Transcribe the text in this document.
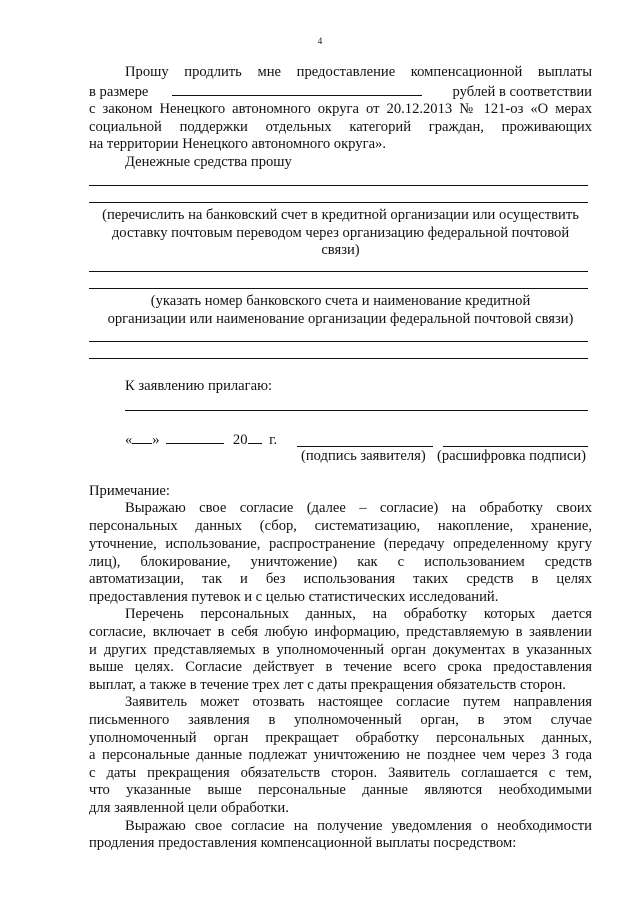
4
Прошу продлить мне предоставление компенсационной выплаты
в размере	рублей в соответствии
с законом Ненецкого автономного округа от 20.12.2013 № 121-оз «О мерах
социальной поддержки отдельных категорий граждан, проживающих
на территории Ненецкого автономного округа».
Денежные средства прошу
(перечислить на банковский счет в кредитной организации или осуществить
доставку почтовым переводом через организацию федеральной почтовой
связи)
(указать номер банковского счета и наименование кредитной
организации или наименование организации федеральной почтовой связи)
К заявлению прилагаю:
« »	20 г.
(подпись заявителя) (расшифровка подписи)
Примечание:
Выражаю свое согласие (далее – согласие) на обработку своих
персональных данных (сбор, систематизацию, накопление, хранение,
уточнение, использование, распространение (передачу определенному кругу
лиц), блокирование, уничтожение) как с использованием средств
автоматизации, так и без использования таких средств в целях
предоставления путевок и с целью статистических исследований.
Перечень персональных данных, на обработку которых дается
согласие, включает в себя любую информацию, представляемую в заявлении
и других представляемых в уполномоченный орган документах в указанных
выше целях. Согласие действует в течение всего срока предоставления
выплат, а также в течение трех лет с даты прекращения обязательств сторон.
Заявитель может отозвать настоящее согласие путем направления
письменного заявления в уполномоченный орган, в этом случае
уполномоченный орган прекращает обработку персональных данных,
а персональные данные подлежат уничтожению не позднее чем через 3 года
с даты прекращения обязательств сторон. Заявитель соглашается с тем,
что указанные выше персональные данные являются необходимыми
для заявленной цели обработки.
Выражаю свое согласие на получение уведомления о необходимости
продления предоставления компенсационной выплаты посредством:
